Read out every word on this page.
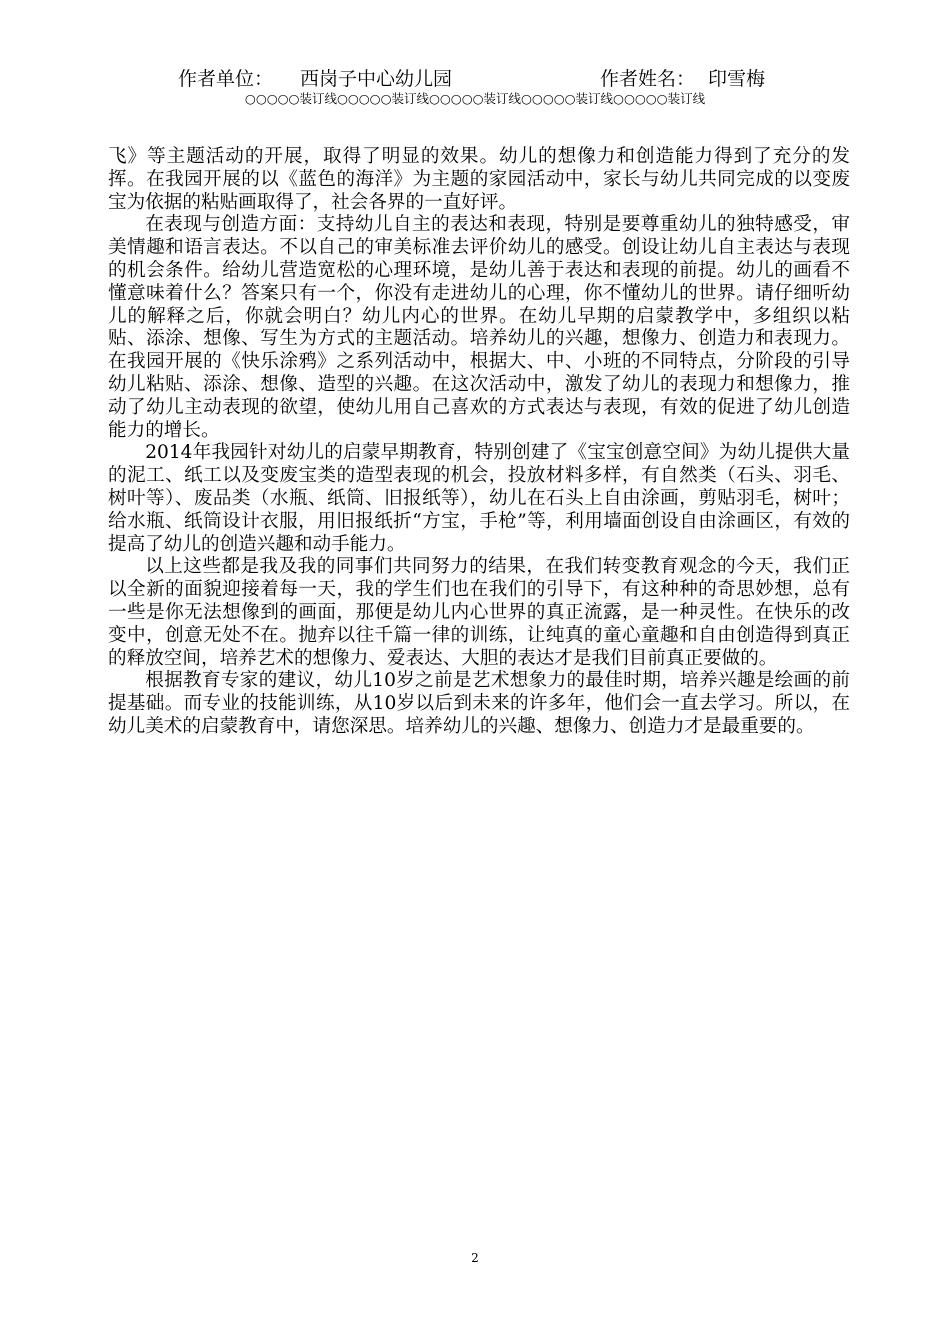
作者单位： 西岗子中心幼儿园	作者姓名： 印雪梅
○○○○○装订线○○○○○装订线○○○○○装订线○○○○○装订线○○○○○装订线

飞》等主题活动的开展，取得了明显的效果。幼儿的想像力和创造能力得到了充分的发挥。在我园开展的以《蓝色的海洋》为主题的家园活动中，家长与幼儿共同完成的以变废宝为依据的粘贴画取得了，社会各界的一直好评。

在表现与创造方面：支持幼儿自主的表达和表现，特别是要尊重幼儿的独特感受，审美情趣和语言表达。不以自己的审美标准去评价幼儿的感受。创设让幼儿自主表达与表现的机会条件。给幼儿营造宽松的心理环境，是幼儿善于表达和表现的前提。幼儿的画看不懂意味着什么？答案只有一个，你没有走进幼儿的心理，你不懂幼儿的世界。请仔细听幼儿的解释之后，你就会明白？幼儿内心的世界。在幼儿早期的启蒙教学中，多组织以粘贴、添涂、想像、写生为方式的主题活动。培养幼儿的兴趣，想像力、创造力和表现力。在我园开展的《快乐涂鸦》之系列活动中，根据大、中、小班的不同特点，分阶段的引导幼儿粘贴、添涂、想像、造型的兴趣。在这次活动中，激发了幼儿的表现力和想像力，推动了幼儿主动表现的欲望，使幼儿用自己喜欢的方式表达与表现，有效的促进了幼儿创造能力的增长。

2014年我园针对幼儿的启蒙早期教育，特别创建了《宝宝创意空间》为幼儿提供大量的泥工、纸工以及变废宝类的造型表现的机会，投放材料多样，有自然类（石头、羽毛、树叶等）、废品类（水瓶、纸筒、旧报纸等），幼儿在石头上自由涂画，剪贴羽毛，树叶；给水瓶、纸筒设计衣服，用旧报纸折“方宝，手枪”等，利用墙面创设自由涂画区，有效的提高了幼儿的创造兴趣和动手能力。

以上这些都是我及我的同事们共同努力的结果，在我们转变教育观念的今天，我们正以全新的面貌迎接着每一天，我的学生们也在我们的引导下，有这种种的奇思妙想，总有一些是你无法想像到的画面，那便是幼儿内心世界的真正流露，是一种灵性。在快乐的改变中，创意无处不在。抛弃以往千篇一律的训练，让纯真的童心童趣和自由创造得到真正的释放空间，培养艺术的想像力、爱表达、大胆的表达才是我们目前真正要做的。

根据教育专家的建议，幼儿10岁之前是艺术想象力的最佳时期，培养兴趣是绘画的前提基础。而专业的技能训练，从10岁以后到未来的许多年，他们会一直去学习。所以，在幼儿美术的启蒙教育中，请您深思。培养幼儿的兴趣、想像力、创造力才是最重要的。

2
